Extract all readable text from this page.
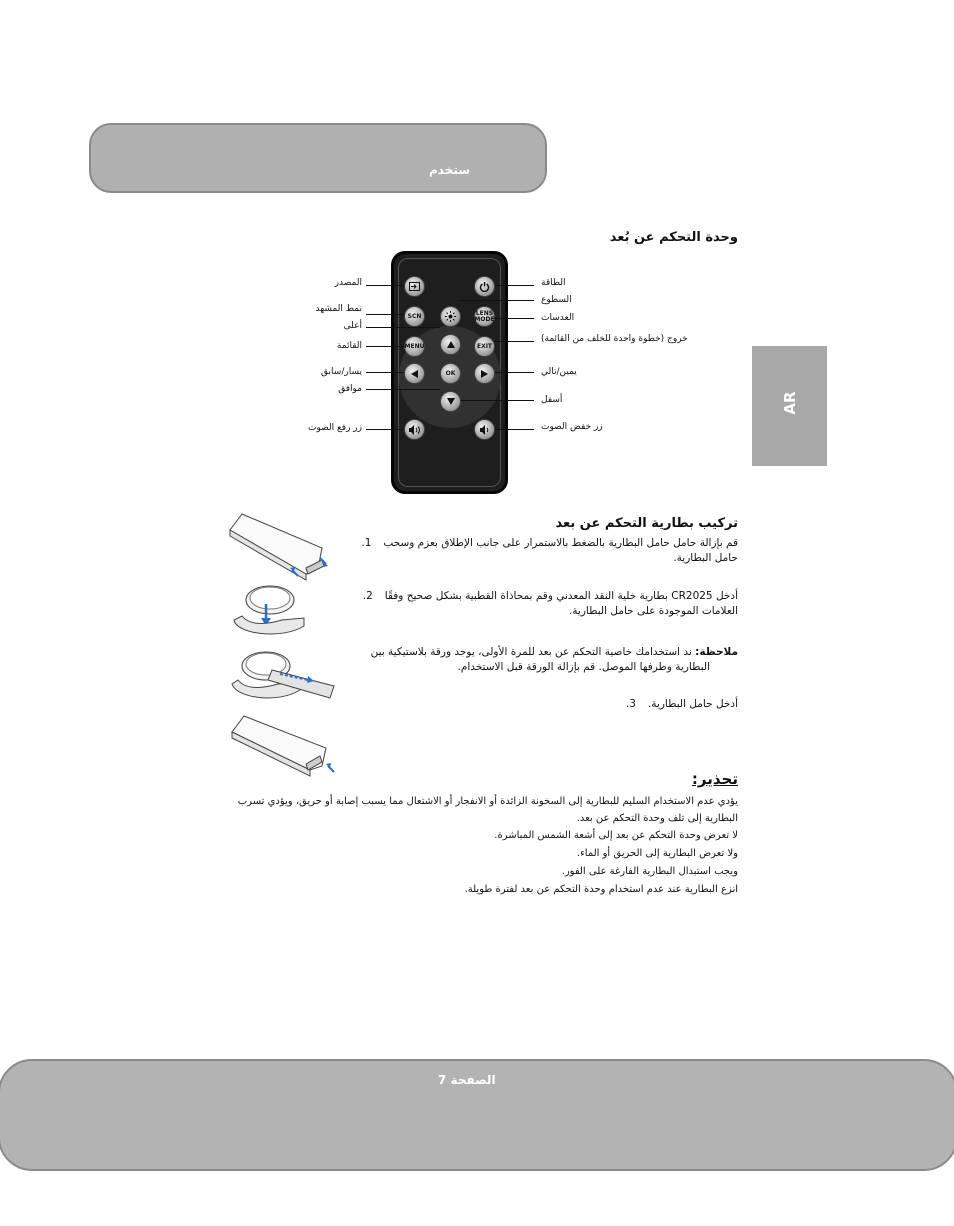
ستخدم
AR
وحدة التحكم عن بُعد
SCN	LENS
MODE
MENU	EXIT
OK
المصدر
نمط المشهد
أعلى
القائمة
يسار/سابق
موافق
زر رفع الصوت
الطاقة
السطوع
العدسات
خروج (خطوة واحدة للخلف من القائمة)
يمين/تالي
أسفل
زر خفض الصوت
تركيب بطارية التحكم عن بعد
قم بإزالة حامل حامل البطارية بالضغط بالاستمرار على جانب الإطلاق بعزم وسحب1.
حامل البطارية.
أدخل CR2025 بطارية خلية النقد المعدني وقم بمحاذاة القطبية بشكل صحيح وفقًا2.
العلامات الموجودة على حامل البطارية.
ملاحظة: ند استخدامك خاصية التحكم عن بعد للمرة الأولى، يوجد ورقة بلاستيكية بين
البطارية وطرفها الموصل. قم بإزالة الورقة قبل الاستخدام.
أدخل حامل البطارية.3.
تحذير:
يؤدي عدم الاستخدام السليم للبطارية إلى السخونة الزائدة أو الانفجار أو الاشتعال مما يسبب إصابة أو حريق، ويؤدي تسرب
البطارية إلى تلف وحدة التحكم عن بعد.
لا تعرض وحدة التحكم عن بعد إلى أشعة الشمس المباشرة.
ولا تعرض البطارية إلى الحريق أو الماء.
ويجب استبدال البطارية الفارغة على الفور.
انزع البطارية عند عدم استخدام وحدة التحكم عن بعد لفترة طويلة.
الصفحة 7
